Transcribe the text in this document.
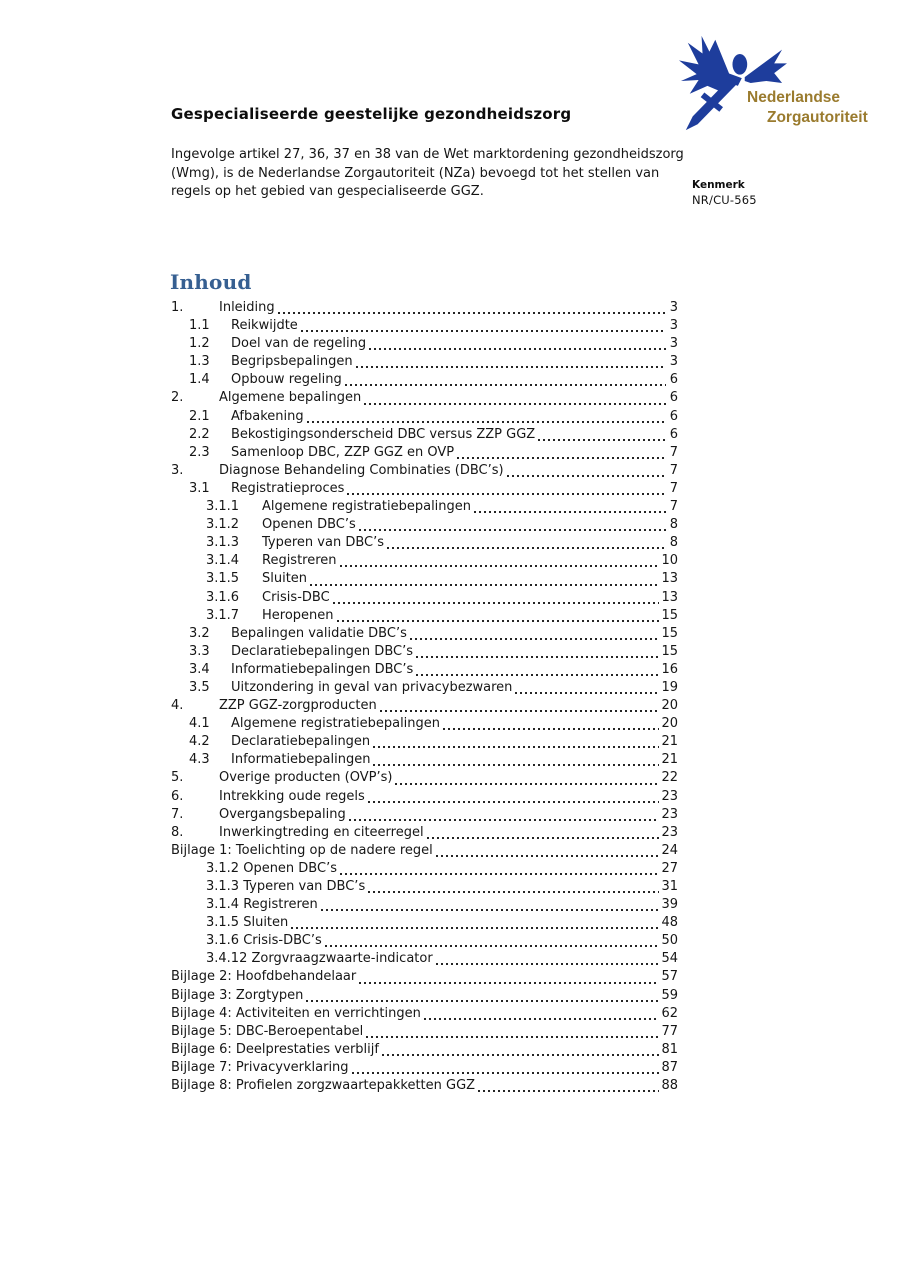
Gespecialiseerde geestelijke gezondheidszorg
Ingevolge artikel 27, 36, 37 en 38 van de Wet marktordening gezondheidszorg (Wmg), is de Nederlandse Zorgautoriteit (NZa) bevoegd tot het stellen van regels op het gebied van gespecialiseerde GGZ.
Nederlandse
Zorgautoriteit
Kenmerk
NR/CU-565
Inhoud
1.	Inleiding	3
1.1	Reikwijdte	3
1.2	Doel van de regeling	3
1.3	Begripsbepalingen	3
1.4	Opbouw regeling	6
2.	Algemene bepalingen	6
2.1	Afbakening	6
2.2	Bekostigingsonderscheid DBC versus ZZP GGZ	6
2.3	Samenloop DBC, ZZP GGZ en OVP	7
3.	Diagnose Behandeling Combinaties (DBC’s)	7
3.1	Registratieproces	7
3.1.1	Algemene registratiebepalingen	7
3.1.2	Openen DBC’s	8
3.1.3	Typeren van DBC’s	8
3.1.4	Registreren	10
3.1.5	Sluiten	13
3.1.6	Crisis-DBC	13
3.1.7	Heropenen	15
3.2	Bepalingen validatie DBC’s	15
3.3	Declaratiebepalingen DBC’s	15
3.4	Informatiebepalingen DBC’s	16
3.5	Uitzondering in geval van privacybezwaren	19
4.	ZZP GGZ-zorgproducten	20
4.1	Algemene registratiebepalingen	20
4.2	Declaratiebepalingen	21
4.3	Informatiebepalingen	21
5.	Overige producten (OVP’s)	22
6.	Intrekking oude regels	23
7.	Overgangsbepaling	23
8.	Inwerkingtreding en citeerregel	23
Bijlage 1: Toelichting op de nadere regel	24
3.1.2 Openen DBC’s	27
3.1.3 Typeren van DBC’s	31
3.1.4 Registreren	39
3.1.5 Sluiten	48
3.1.6 Crisis-DBC’s	50
3.4.12 Zorgvraagzwaarte-indicator	54
Bijlage 2: Hoofdbehandelaar	57
Bijlage 3: Zorgtypen	59
Bijlage 4: Activiteiten en verrichtingen	62
Bijlage 5: DBC-Beroepentabel	77
Bijlage 6: Deelprestaties verblijf	81
Bijlage 7: Privacyverklaring	87
Bijlage 8: Profielen zorgzwaartepakketten GGZ	88
